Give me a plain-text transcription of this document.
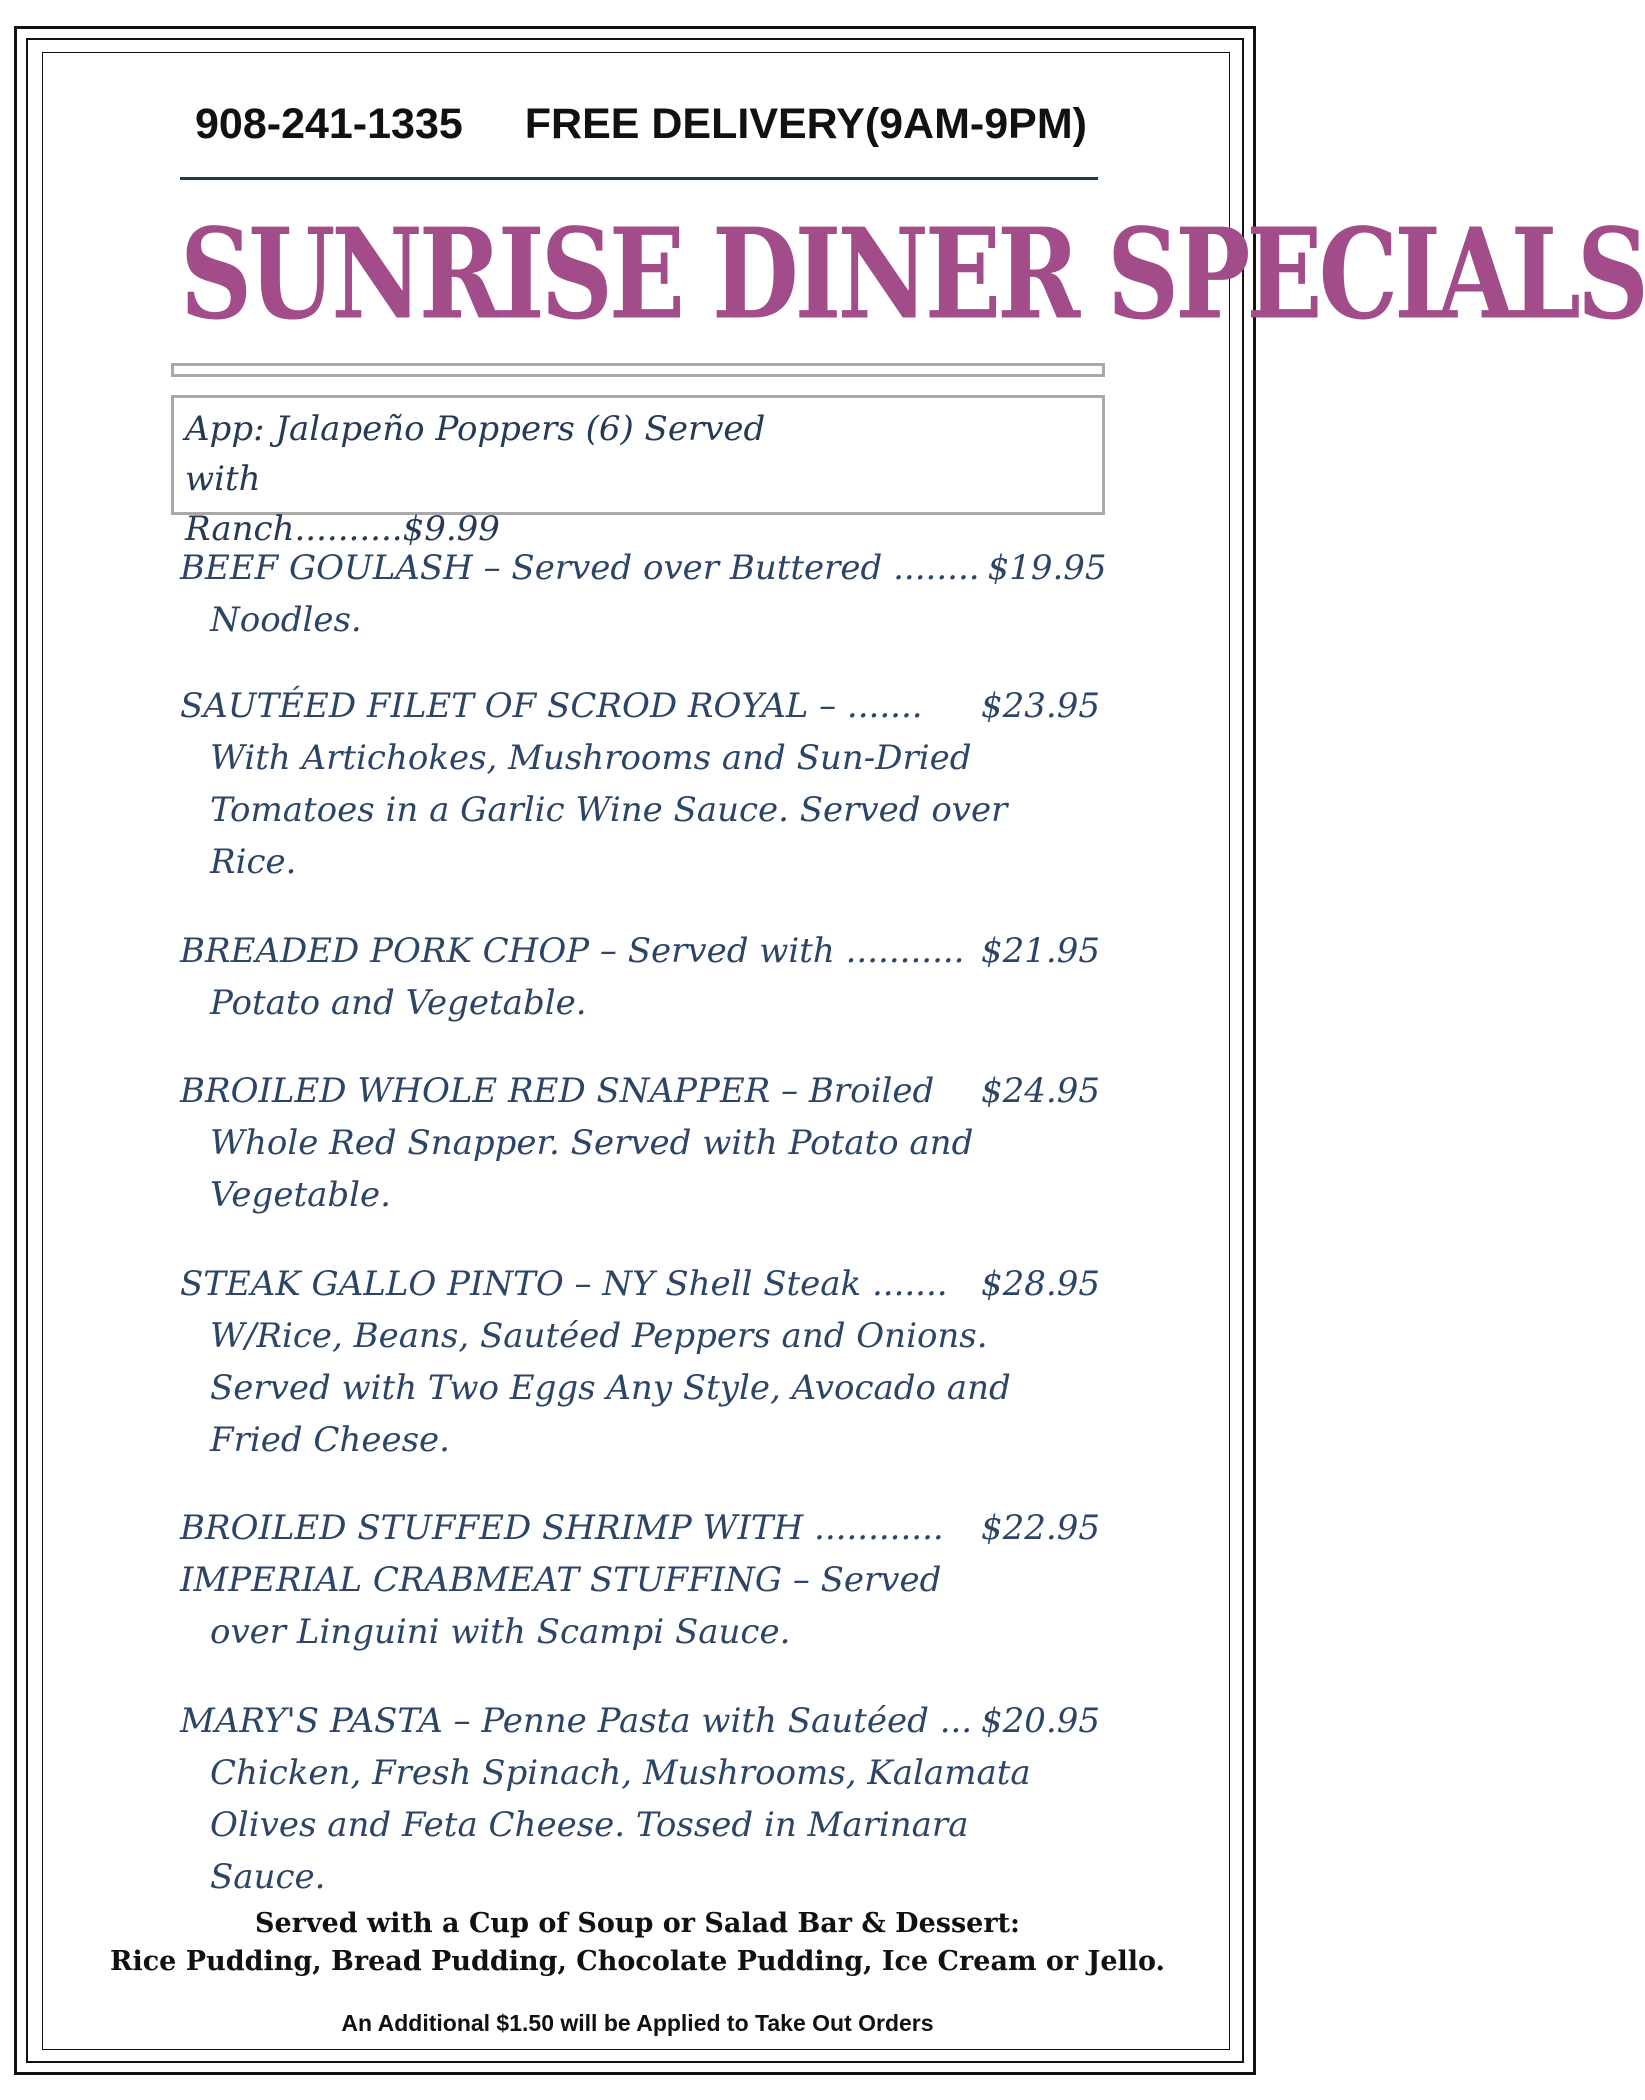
908-241-1335 FREE DELIVERY(9AM-9PM)
SUNRISE DINER SPECIALS
App: Jalapeño Poppers (6) Served with
Ranch..........$9.99
BEEF GOULASH – Served over Buttered ........ $19.95
Noodles.
SAUTÉED FILET OF SCROD ROYAL – ....... $23.95
With Artichokes, Mushrooms and Sun-Dried
Tomatoes in a Garlic Wine Sauce. Served over
Rice.
BREADED PORK CHOP – Served with ........... $21.95
Potato and Vegetable.
BROILED WHOLE RED SNAPPER – Broiled $24.95
Whole Red Snapper. Served with Potato and
Vegetable.
STEAK GALLO PINTO – NY Shell Steak ....... $28.95
W/Rice, Beans, Sautéed Peppers and Onions.
Served with Two Eggs Any Style, Avocado and
Fried Cheese.
BROILED STUFFED SHRIMP WITH ............ $22.95
IMPERIAL CRABMEAT STUFFING – Served
over Linguini with Scampi Sauce.
MARY'S PASTA – Penne Pasta with Sautéed ... $20.95
Chicken, Fresh Spinach, Mushrooms, Kalamata
Olives and Feta Cheese. Tossed in Marinara
Sauce.
Served with a Cup of Soup or Salad Bar & Dessert:
Rice Pudding, Bread Pudding, Chocolate Pudding, Ice Cream or Jello.
An Additional $1.50 will be Applied to Take Out Orders
